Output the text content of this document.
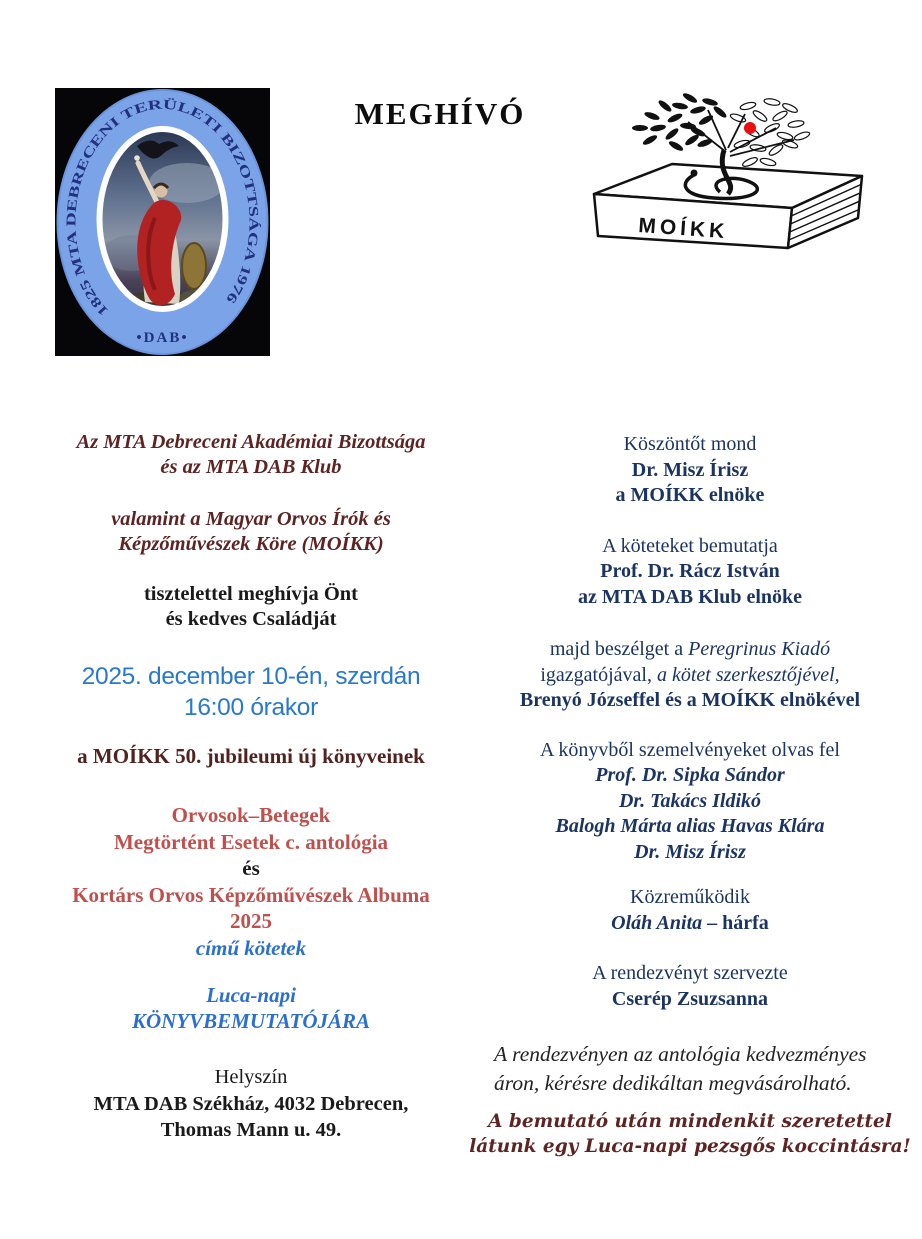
1825 MTA DEBRECENI TERÜLETI BIZOTTSÁGA 1976
•DAB•
MEGHÍVÓ
MOÍKK
Az MTA Debreceni Akadémiai Bizottsága
és az MTA DAB Klub
valamint a Magyar Orvos Írók és
Képzőművészek Köre (MOÍKK)
tisztelettel meghívja Önt
és kedves Családját
2025. december 10-én, szerdán
16:00 órakor
a MOÍKK 50. jubileumi új könyveinek
Orvosok–Betegek
Megtörtént Esetek c. antológia
és
Kortárs Orvos Képzőművészek Albuma
2025
című kötetek
Luca-napi
KÖNYVBEMUTATÓJÁRA
Helyszín
MTA DAB Székház, 4032 Debrecen,
Thomas Mann u. 49.
Köszöntőt mond
Dr. Misz Írisz
a MOÍKK elnöke
A köteteket bemutatja
Prof. Dr. Rácz István
az MTA DAB Klub elnöke
majd beszélget a Peregrinus Kiadó
igazgatójával, a kötet szerkesztőjével,
Brenyó Józseffel és a MOÍKK elnökével
A könyvből szemelvényeket olvas fel
Prof. Dr. Sipka Sándor
Dr. Takács Ildikó
Balogh Márta alias Havas Klára
Dr. Misz Írisz
Közreműködik
Oláh Anita – hárfa
A rendezvényt szervezte
Cserép Zsuzsanna
A rendezvényen az antológia kedvezményes
áron, kérésre dedikáltan megvásárolható.
A bemutató után mindenkit szeretettel
látunk egy Luca-napi pezsgős koccintásra!
